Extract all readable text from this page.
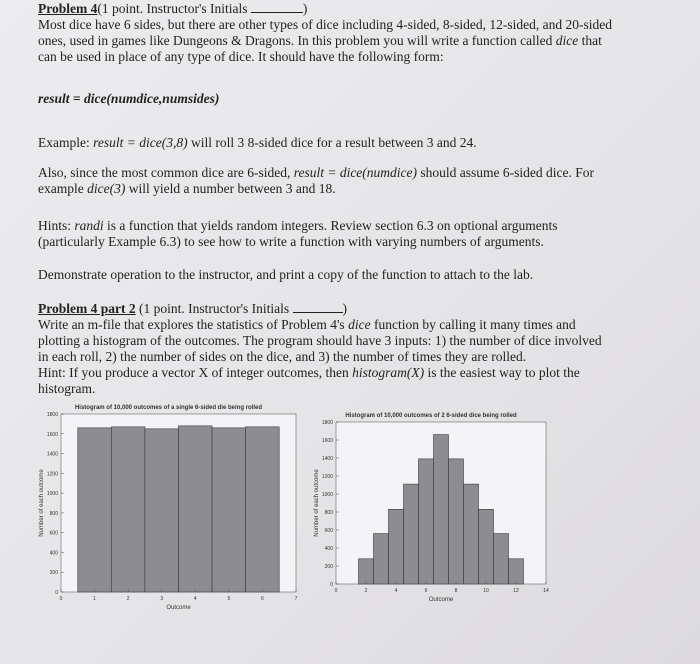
Problem 4(1 point. Instructor's Initials	)
Most dice have 6 sides, but there are other types of dice including 4-sided, 8-sided, 12-sided, and 20-sided
ones, used in games like Dungeons & Dragons. In this problem you will write a function called dice that
can be used in place of any type of dice. It should have the following form:
result = dice(numdice,numsides)
Example: result = dice(3,8) will roll 3 8-sided dice for a result between 3 and 24.
Also, since the most common dice are 6-sided, result = dice(numdice) should assume 6-sided dice. For
example dice(3) will yield a number between 3 and 18.
Hints: randi is a function that yields random integers. Review section 6.3 on optional arguments
(particularly Example 6.3) to see how to write a function with varying numbers of arguments.
Demonstrate operation to the instructor, and print a copy of the function to attach to the lab.
Problem 4 part 2 (1 point. Instructor's Initials	)
Write an m-file that explores the statistics of Problem 4's dice function by calling it many times and
plotting a histogram of the outcomes. The program should have 3 inputs: 1) the number of dice involved
in each roll, 2) the number of sides on the dice, and 3) the number of times they are rolled.
Hint: If you produce a vector X of integer outcomes, then histogram(X) is the easiest way to plot the
histogram.
Histogram of 10,000 outcomes of a single 6-sided die being rolled
0
200
400
600
800
1000
1200
1400
1600
1800
0	1	2	3	4	5	6	7
Outcome
Number of each outcome
Histogram of 10,000 outcomes of 2 6-sided dice being rolled
0
200
400
600
800
1000
1200
1400
1600
1800
0	2	4	6	8	10	12	14
Outcome
Number of each outcome
